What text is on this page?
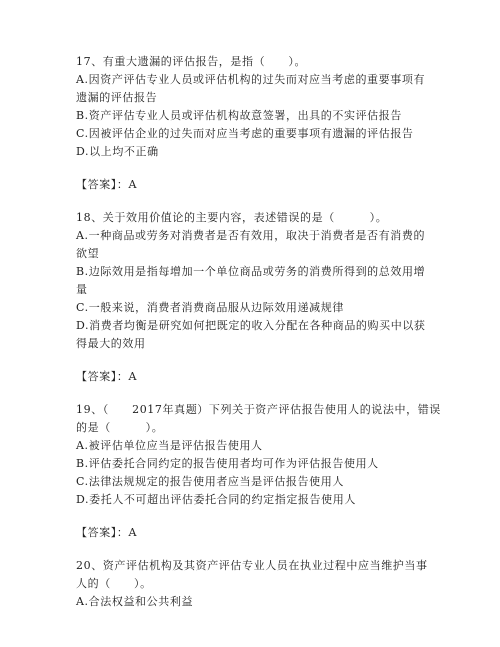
17、有重大遗漏的评估报告，是指（　　）。
A.因资产评估专业人员或评估机构的过失而对应当考虑的重要事项有
遗漏的评估报告
B.资产评估专业人员或评估机构故意签署，出具的不实评估报告
C.因被评估企业的过失而对应当考虑的重要事项有遗漏的评估报告
D.以上均不正确
【答案】：A
18、关于效用价值论的主要内容，表述错误的是（　　　）。
A.一种商品或劳务对消费者是否有效用，取决于消费者是否有消费的
欲望
B.边际效用是指每增加一个单位商品或劳务的消费所得到的总效用增
量
C.一般来说，消费者消费商品服从边际效用递减规律
D.消费者均衡是研究如何把既定的收入分配在各种商品的购买中以获
得最大的效用
【答案】：A
19、（　　2017年真题）下列关于资产评估报告使用人的说法中，错误
的是（　　　）。
A.被评估单位应当是评估报告使用人
B.评估委托合同约定的报告使用者均可作为评估报告使用人
C.法律法规规定的报告使用者应当是评估报告使用人
D.委托人不可超出评估委托合同的约定指定报告使用人
【答案】：A
20、资产评估机构及其资产评估专业人员在执业过程中应当维护当事
人的（　　）。
A.合法权益和公共利益
